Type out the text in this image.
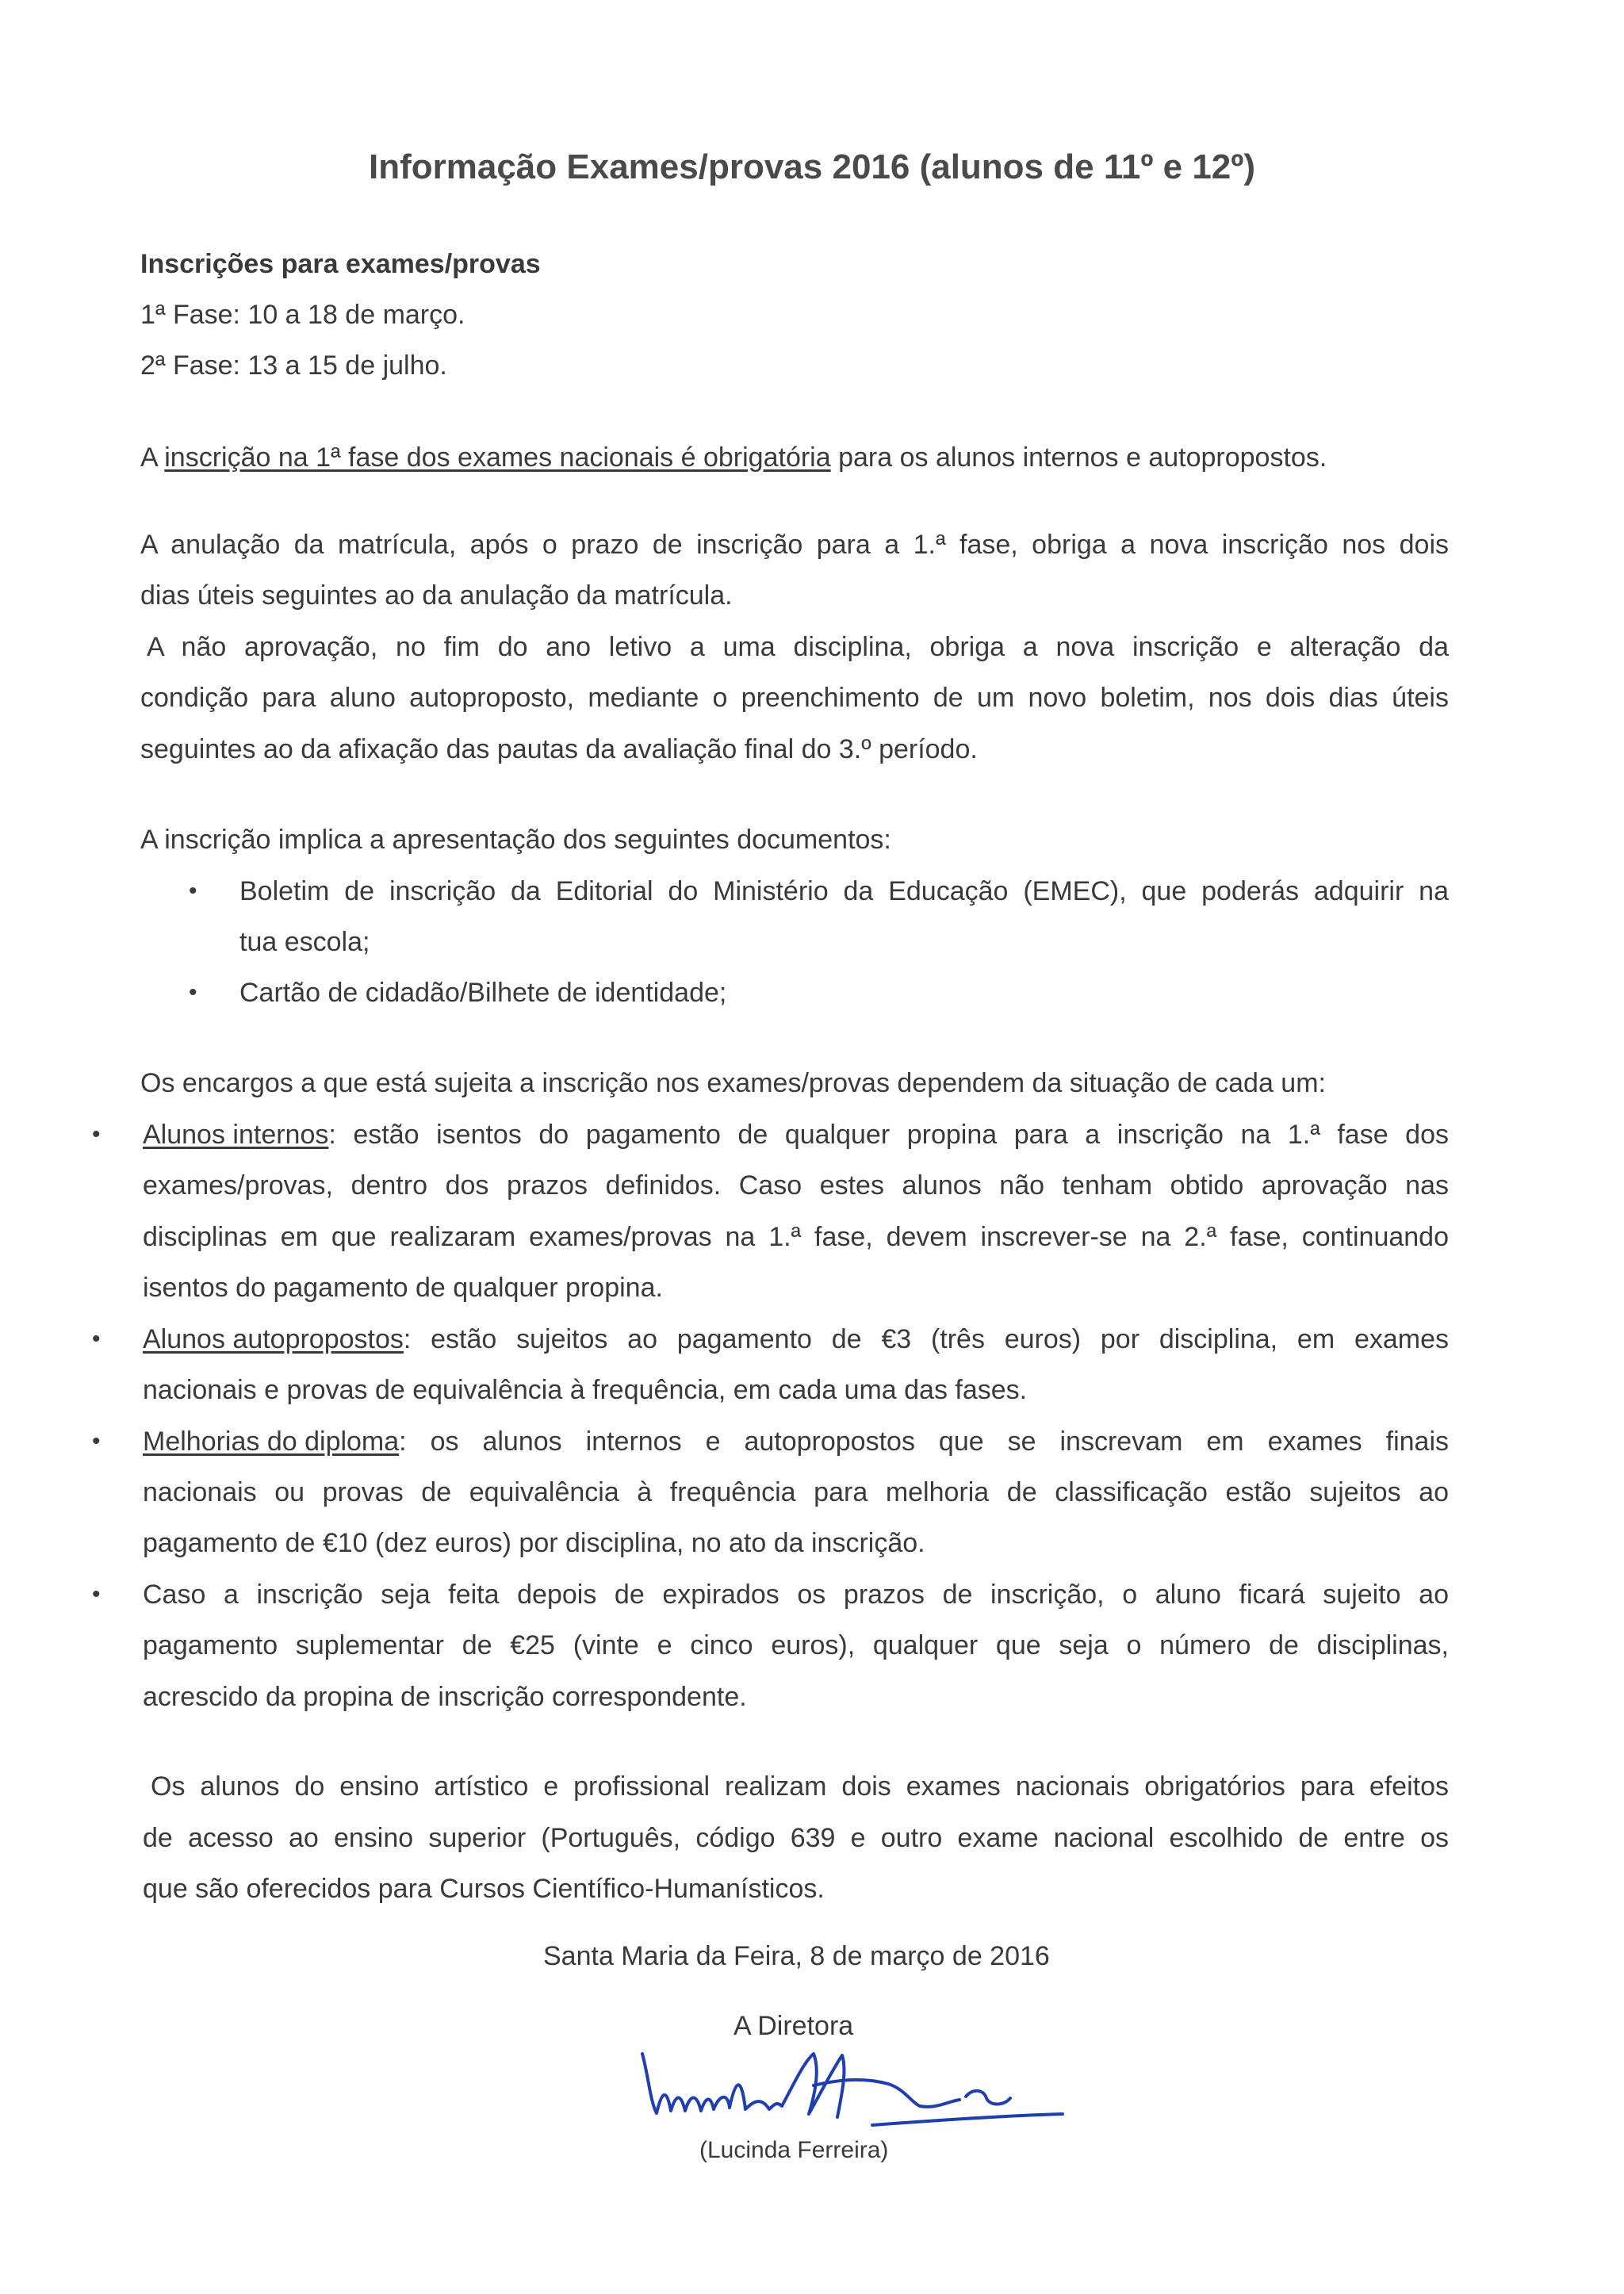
Informação Exames/provas 2016 (alunos de 11º e 12º)
Inscrições para exames/provas
1ª Fase: 10 a 18 de março.
2ª Fase: 13 a 15 de julho.
A inscrição na 1ª fase dos exames nacionais é obrigatória para os alunos internos e autopropostos.
A anulação da matrícula, após o prazo de inscrição para a 1.ª fase, obriga a nova inscrição nos dois
dias úteis seguintes ao da anulação da matrícula.
A não aprovação, no fim do ano letivo a uma disciplina, obriga a nova inscrição e alteração da
condição para aluno autoproposto, mediante o preenchimento de um novo boletim, nos dois dias úteis
seguintes ao da afixação das pautas da avaliação final do 3.º período.
A inscrição implica a apresentação dos seguintes documentos:
• Boletim de inscrição da Editorial do Ministério da Educação (EMEC), que poderás adquirir na
tua escola;
• Cartão de cidadão/Bilhete de identidade;
Os encargos a que está sujeita a inscrição nos exames/provas dependem da situação de cada um:
• Alunos internos : estão isentos do pagamento de qualquer propina para a inscrição na 1.ª fase dos
exames/provas, dentro dos prazos definidos. Caso estes alunos não tenham obtido aprovação nas
disciplinas em que realizaram exames/provas na 1.ª fase, devem inscrever-se na 2.ª fase, continuando
isentos do pagamento de qualquer propina.
• Alunos autopropostos : estão sujeitos ao pagamento de €3 (três euros) por disciplina, em exames
nacionais e provas de equivalência à frequência, em cada uma das fases.
• Melhorias do diploma : os alunos internos e autopropostos que se inscrevam em exames finais
nacionais ou provas de equivalência à frequência para melhoria de classificação estão sujeitos ao
pagamento de €10 (dez euros) por disciplina, no ato da inscrição.
• Caso a inscrição seja feita depois de expirados os prazos de inscrição, o aluno ficará sujeito ao
pagamento suplementar de €25 (vinte e cinco euros), qualquer que seja o número de disciplinas,
acrescido da propina de inscrição correspondente.
Os alunos do ensino artístico e profissional realizam dois exames nacionais obrigatórios para efeitos
de acesso ao ensino superior (Português, código 639 e outro exame nacional escolhido de entre os
que são oferecidos para Cursos Científico-Humanísticos.
Santa Maria da Feira, 8 de março de 2016
A Diretora
(Lucinda Ferreira)
